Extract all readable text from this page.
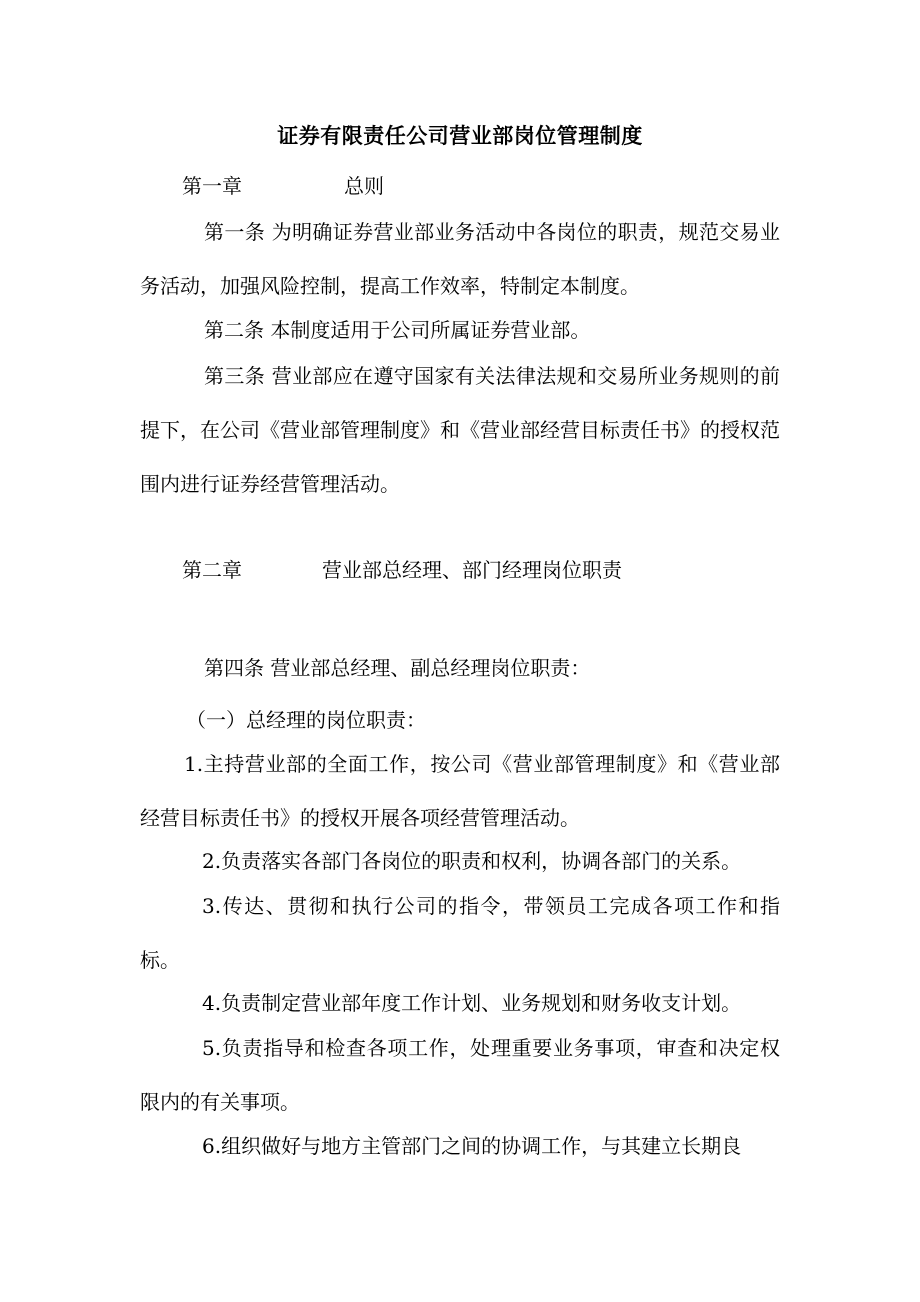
证券有限责任公司营业部岗位管理制度
第一章	总则
第一条 为明确证券营业部业务活动中各岗位的职责，规范交易业务活动，加强风险控制，提高工作效率，特制定本制度。
第二条 本制度适用于公司所属证券营业部。
第三条 营业部应在遵守国家有关法律法规和交易所业务规则的前提下，在公司《营业部管理制度》和《营业部经营目标责任书》的授权范围内进行证券经营管理活动。
第二章	营业部总经理、部门经理岗位职责
第四条 营业部总经理、副总经理岗位职责：
（一）总经理的岗位职责：
1.主持营业部的全面工作，按公司《营业部管理制度》和《营业部经营目标责任书》的授权开展各项经营管理活动。
2.负责落实各部门各岗位的职责和权利，协调各部门的关系。
3.传达、贯彻和执行公司的指令，带领员工完成各项工作和指标。
4.负责制定营业部年度工作计划、业务规划和财务收支计划。
5.负责指导和检查各项工作，处理重要业务事项，审查和决定权限内的有关事项。
6.组织做好与地方主管部门之间的协调工作，与其建立长期良
